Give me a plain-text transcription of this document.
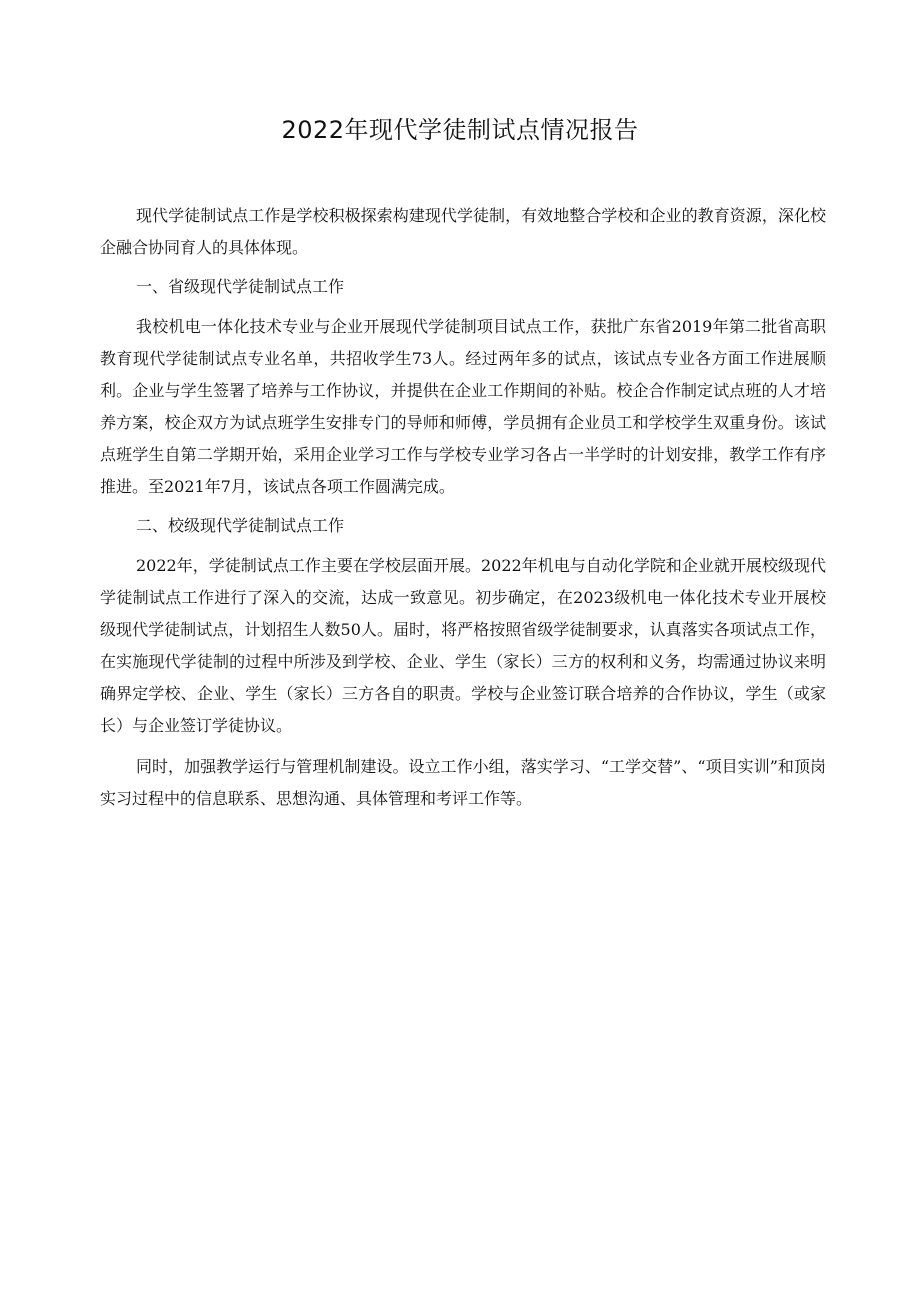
2022年现代学徒制试点情况报告

现代学徒制试点工作是学校积极探索构建现代学徒制，有效地整合学校和企业的教育资源，深化校企融合协同育人的具体体现。

一、省级现代学徒制试点工作

我校机电一体化技术专业与企业开展现代学徒制项目试点工作，获批广东省2019年第二批省高职教育现代学徒制试点专业名单，共招收学生73人。经过两年多的试点，该试点专业各方面工作进展顺利。企业与学生签署了培养与工作协议，并提供在企业工作期间的补贴。校企合作制定试点班的人才培养方案，校企双方为试点班学生安排专门的导师和师傅，学员拥有企业员工和学校学生双重身份。该试点班学生自第二学期开始，采用企业学习工作与学校专业学习各占一半学时的计划安排，教学工作有序推进。至2021年7月，该试点各项工作圆满完成。

二、校级现代学徒制试点工作

2022年，学徒制试点工作主要在学校层面开展。2022年机电与自动化学院和企业就开展校级现代学徒制试点工作进行了深入的交流，达成一致意见。初步确定，在2023级机电一体化技术专业开展校级现代学徒制试点，计划招生人数50人。届时，将严格按照省级学徒制要求，认真落实各项试点工作，在实施现代学徒制的过程中所涉及到学校、企业、学生（家长）三方的权利和义务，均需通过协议来明确界定学校、企业、学生（家长）三方各自的职责。学校与企业签订联合培养的合作协议，学生（或家长）与企业签订学徒协议。

同时，加强教学运行与管理机制建设。设立工作小组，落实学习、“工学交替”、“项目实训”和顶岗实习过程中的信息联系、思想沟通、具体管理和考评工作等。
